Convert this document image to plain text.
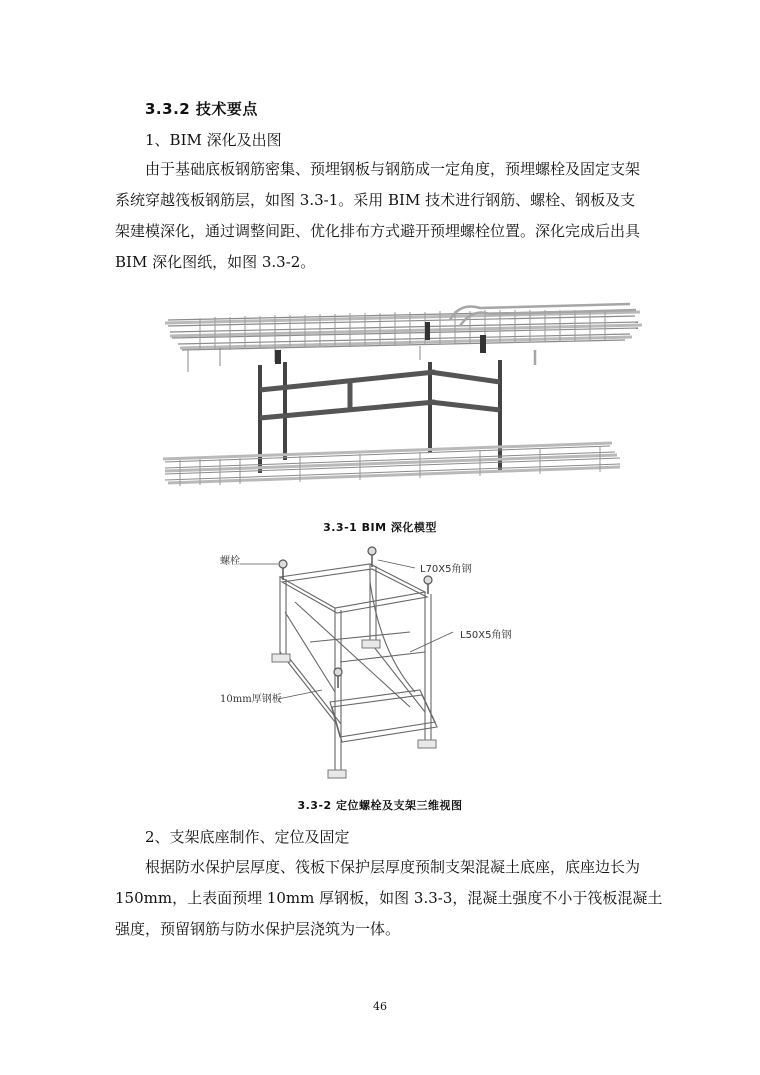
3.3.2 技术要点
1、BIM 深化及出图
由于基础底板钢筋密集、预埋钢板与钢筋成一定角度，预埋螺栓及固定支架
系统穿越筏板钢筋层，如图 3.3-1。采用 BIM 技术进行钢筋、螺栓、钢板及支
架建模深化，通过调整间距、优化排布方式避开预埋螺栓位置。深化完成后出具
BIM 深化图纸，如图 3.3-2。
3.3-1 BIM 深化模型
螺栓
L70X5角钢
L50X5角钢
10mm厚钢板
3.3-2 定位螺栓及支架三维视图
2、支架底座制作、定位及固定
根据防水保护层厚度、筏板下保护层厚度预制支架混凝土底座，底座边长为
150mm，上表面预埋 10mm 厚钢板，如图 3.3-3，混凝土强度不小于筏板混凝土
强度，预留钢筋与防水保护层浇筑为一体。
46
